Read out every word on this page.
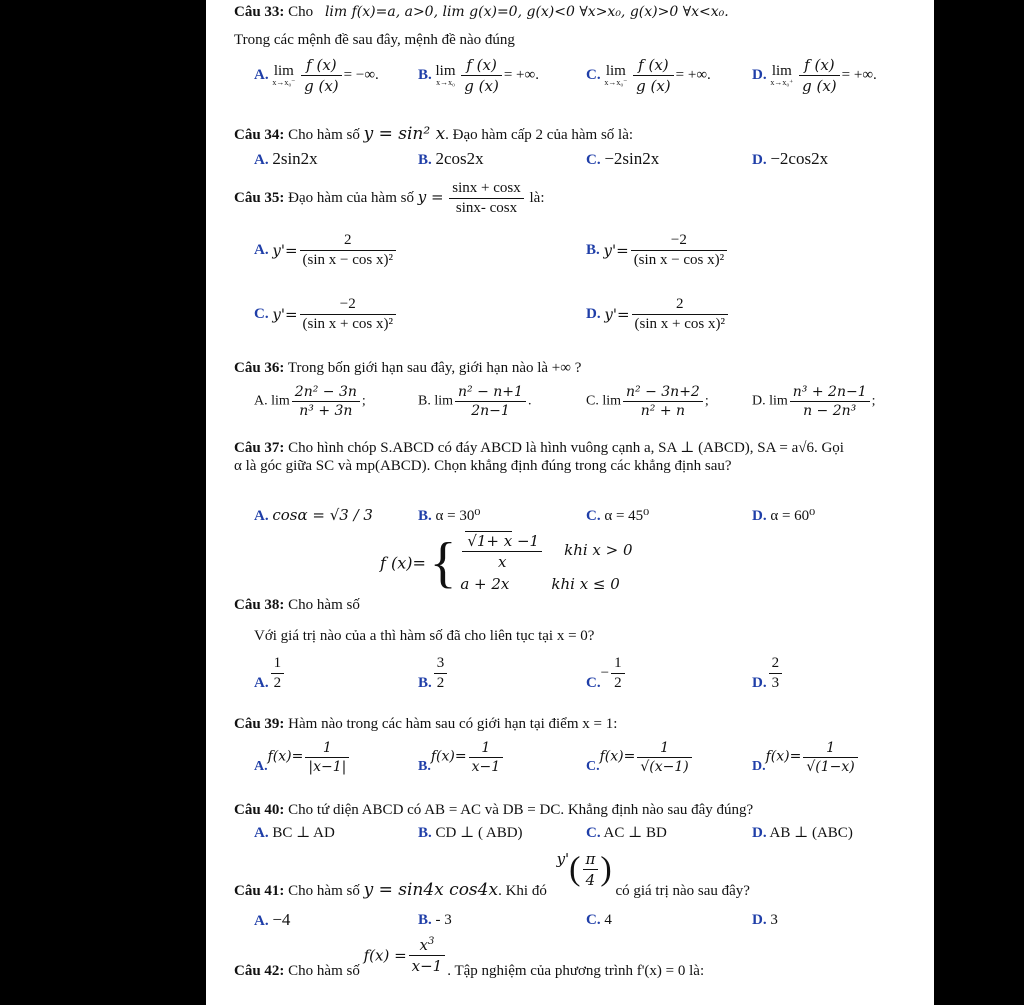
Câu 33: Cho lim f(x)=a, a>0, lim g(x)=0, g(x)<0 ∀x>x₀, g(x)>0 ∀x<x₀.
Trong các mệnh đề sau đây, mệnh đề nào đúng
A. lim
x→x₀⁻
$\frac{f (x)}{g (x)}$ = −∞.	B. lim
x→x₀
$\frac{f (x)}{g (x)}$ = +∞.	C. lim
x→x₀⁻
$\frac{f (x)}{g (x)}$ = +∞.	D. lim
x→x₀⁺
$\frac{f (x)}{g (x)}$ = +∞.
Câu 34: Cho hàm số y = sin² x. Đạo hàm cấp 2 của hàm số là:
A. 2sin2x	B. 2cos2x	C. −2sin2x	D. −2cos2x
Câu 35: Đạo hàm của hàm số $y = \frac{\sin x + \cos x}{\sin x- \cos x}$ là:
A. $y'= \frac{2}{\text{(sin x − cos x)²}}$	B. $y'= \frac{-2}{\text{(sin x − cos x)²}}$
C. $y'= \frac{-2}{\text{(sin x + cos x)²}}$	D. $y'= \frac{2}{\text{(sin x + cos x)²}}$
Câu 36: Trong bốn giới hạn sau đây, giới hạn nào là +∞ ?
A. $\lim \frac{\text{2n² − 3n}}{\text{n³ + 3n}}$ ;	B. $\lim \frac{\text{n² − n+1}}{2n-1}$ .	C. $\lim \frac{\text{n² − 3n+2}}{\text{n² + n}}$ ;	D. $\lim \frac{\text{n³ + 2n−1}}{\text{n − 2n³}}$ ;
Câu 37: Cho hình chóp S.ABCD có đáy ABCD là hình vuông cạnh a, SA ⊥ (ABCD), SA = a√6. Gọi
α là góc giữa SC và mp(ABCD). Chọn khẳng định đúng trong các khẳng định sau?
A. cosα = √3 / 3	B. α = 30⁰	C. α = 45⁰	D. α = 60⁰
f (x)= { $\frac{√1+ x -1}{x}$ khi x > 0
a + 2x	khi x ≤ 0
Câu 38: Cho hàm số
Với giá trị nào của a thì hàm số đã cho liên tục tại x = 0?
A. $\frac{1}{2}$	B. $\frac{3}{2}$	$C.- \frac{1}{2}$	D. $\frac{2}{3}$
Câu 39: Hàm nào trong các hàm sau có giới hạn tại điểm x = 1:
$A.f(x)= \frac{1}{|x-1|}$	$B.f(x)= \frac{1}{x-1}$	$C.f(x)= \frac{1}{√(x-1)}$	$D.f(x)= \frac{1}{√(1-x)}$
Câu 40: Cho tứ diện ABCD có AB = AC và DB = DC. Khẳng định nào sau đây đúng?
A. BC ⊥ AD	B. CD ⊥ ( ABD)	C. AC ⊥ BD	D. AB ⊥ (ABC)
Câu 41: Cho hàm số y = sin4x cos4x. Khi đó $y'( \frac{\pi}{4}$ ) có giá trị nào sau đây?
A. −4	B. - 3	C. 4	D. 3
Câu 42: Cho hàm số $f(x) = \frac{x^3}{x-1}$ . Tập nghiệm của phương trình f'(x) = 0 là:
